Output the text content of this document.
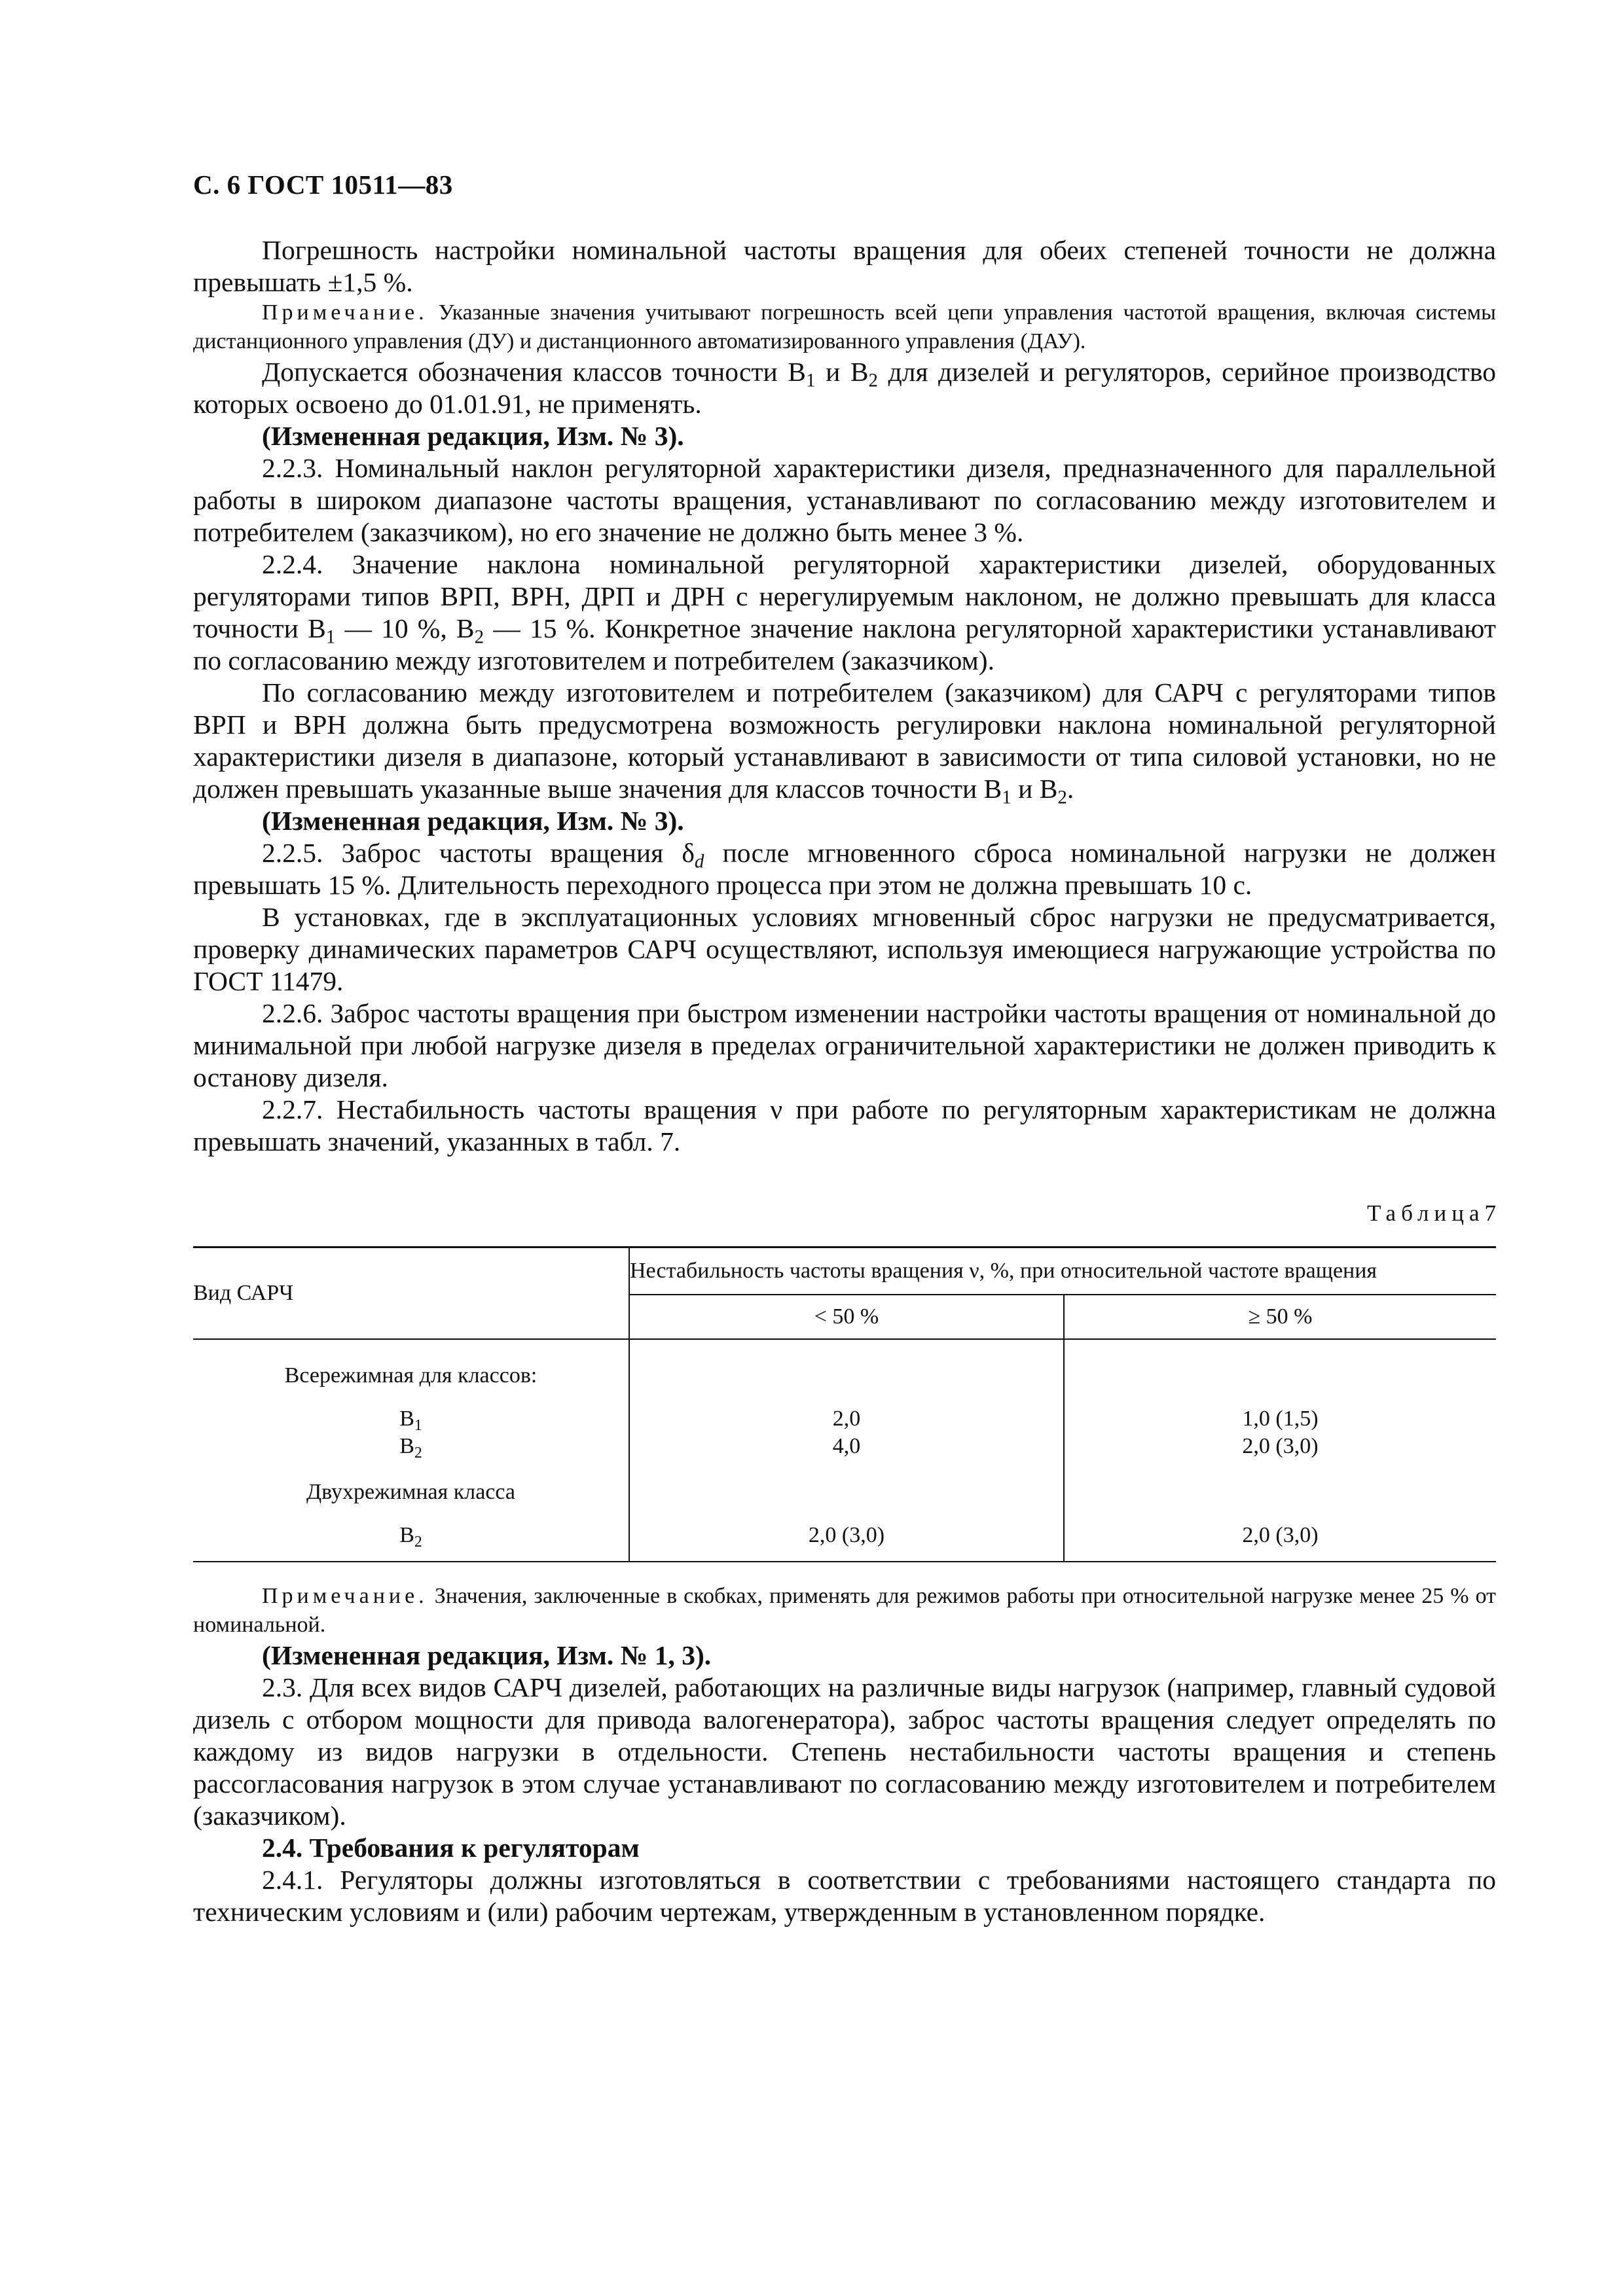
С. 6 ГОСТ 10511—83

Погрешность настройки номинальной частоты вращения для обеих степеней точности не должна превышать ±1,5 %.

Примечание. Указанные значения учитывают погрешность всей цепи управления частотой вращения, включая системы дистанционного управления (ДУ) и дистанционного автоматизированного управления (ДАУ).

Допускается обозначения классов точности $В_1$ и $В_2$ для дизелей и регуляторов, серийное производство которых освоено до 01.01.91, не применять.

(Измененная редакция, Изм. № 3).

2.2.3. Номинальный наклон регуляторной характеристики дизеля, предназначенного для параллельной работы в широком диапазоне частоты вращения, устанавливают по согласованию между изготовителем и потребителем (заказчиком), но его значение не должно быть менее 3 %.

2.2.4. Значение наклона номинальной регуляторной характеристики дизелей, оборудованных регуляторами типов ВРП, ВРН, ДРП и ДРН с нерегулируемым наклоном, не должно превышать для класса точности $В_1$ — 10 %, $В_2$ — 15 %. Конкретное значение наклона регуляторной характеристики устанавливают по согласованию между изготовителем и потребителем (заказчиком).

По согласованию между изготовителем и потребителем (заказчиком) для САРЧ с регуляторами типов ВРП и ВРН должна быть предусмотрена возможность регулировки наклона номинальной регуляторной характеристики дизеля в диапазоне, который устанавливают в зависимости от типа силовой установки, но не должен превышать указанные выше значения для классов точности $В_1$ и $В_2$.

(Измененная редакция, Изм. № 3).

2.2.5. Заброс частоты вращения $\delta_d$ после мгновенного сброса номинальной нагрузки не должен превышать 15 %. Длительность переходного процесса при этом не должна превышать 10 с.

В установках, где в эксплуатационных условиях мгновенный сброс нагрузки не предусматривается, проверку динамических параметров САРЧ осуществляют, используя имеющиеся нагружающие устройства по ГОСТ 11479.

2.2.6. Заброс частоты вращения при быстром изменении настройки частоты вращения от номинальной до минимальной при любой нагрузке дизеля в пределах ограничительной характеристики не должен приводить к останову дизеля.

2.2.7. Нестабильность частоты вращения ν при работе по регуляторным характеристикам не должна превышать значений, указанных в табл. 7.

Таблица7
Вид САРЧ	Нестабильность частоты вращения ν, %, при относительной частоте вращения	
	< 50 %	≥ 50 %
Всережимная для классов:		
$В_1$	2,0	1,0 (1,5)
$В_2$	4,0	2,0 (3,0)
Двухрежимная класса		
$В_2$	2,0 (3,0)	2,0 (3,0)

Примечание. Значения, заключенные в скобках, применять для режимов работы при относительной нагрузке менее 25 % от номинальной.

(Измененная редакция, Изм. № 1, 3).

2.3. Для всех видов САРЧ дизелей, работающих на различные виды нагрузок (например, главный судовой дизель с отбором мощности для привода валогенератора), заброс частоты вращения следует определять по каждому из видов нагрузки в отдельности. Степень нестабильности частоты вращения и степень рассогласования нагрузок в этом случае устанавливают по согласованию между изготовителем и потребителем (заказчиком).

2.4. Требования к регуляторам

2.4.1. Регуляторы должны изготовляться в соответствии с требованиями настоящего стандарта по техническим условиям и (или) рабочим чертежам, утвержденным в установленном порядке.
